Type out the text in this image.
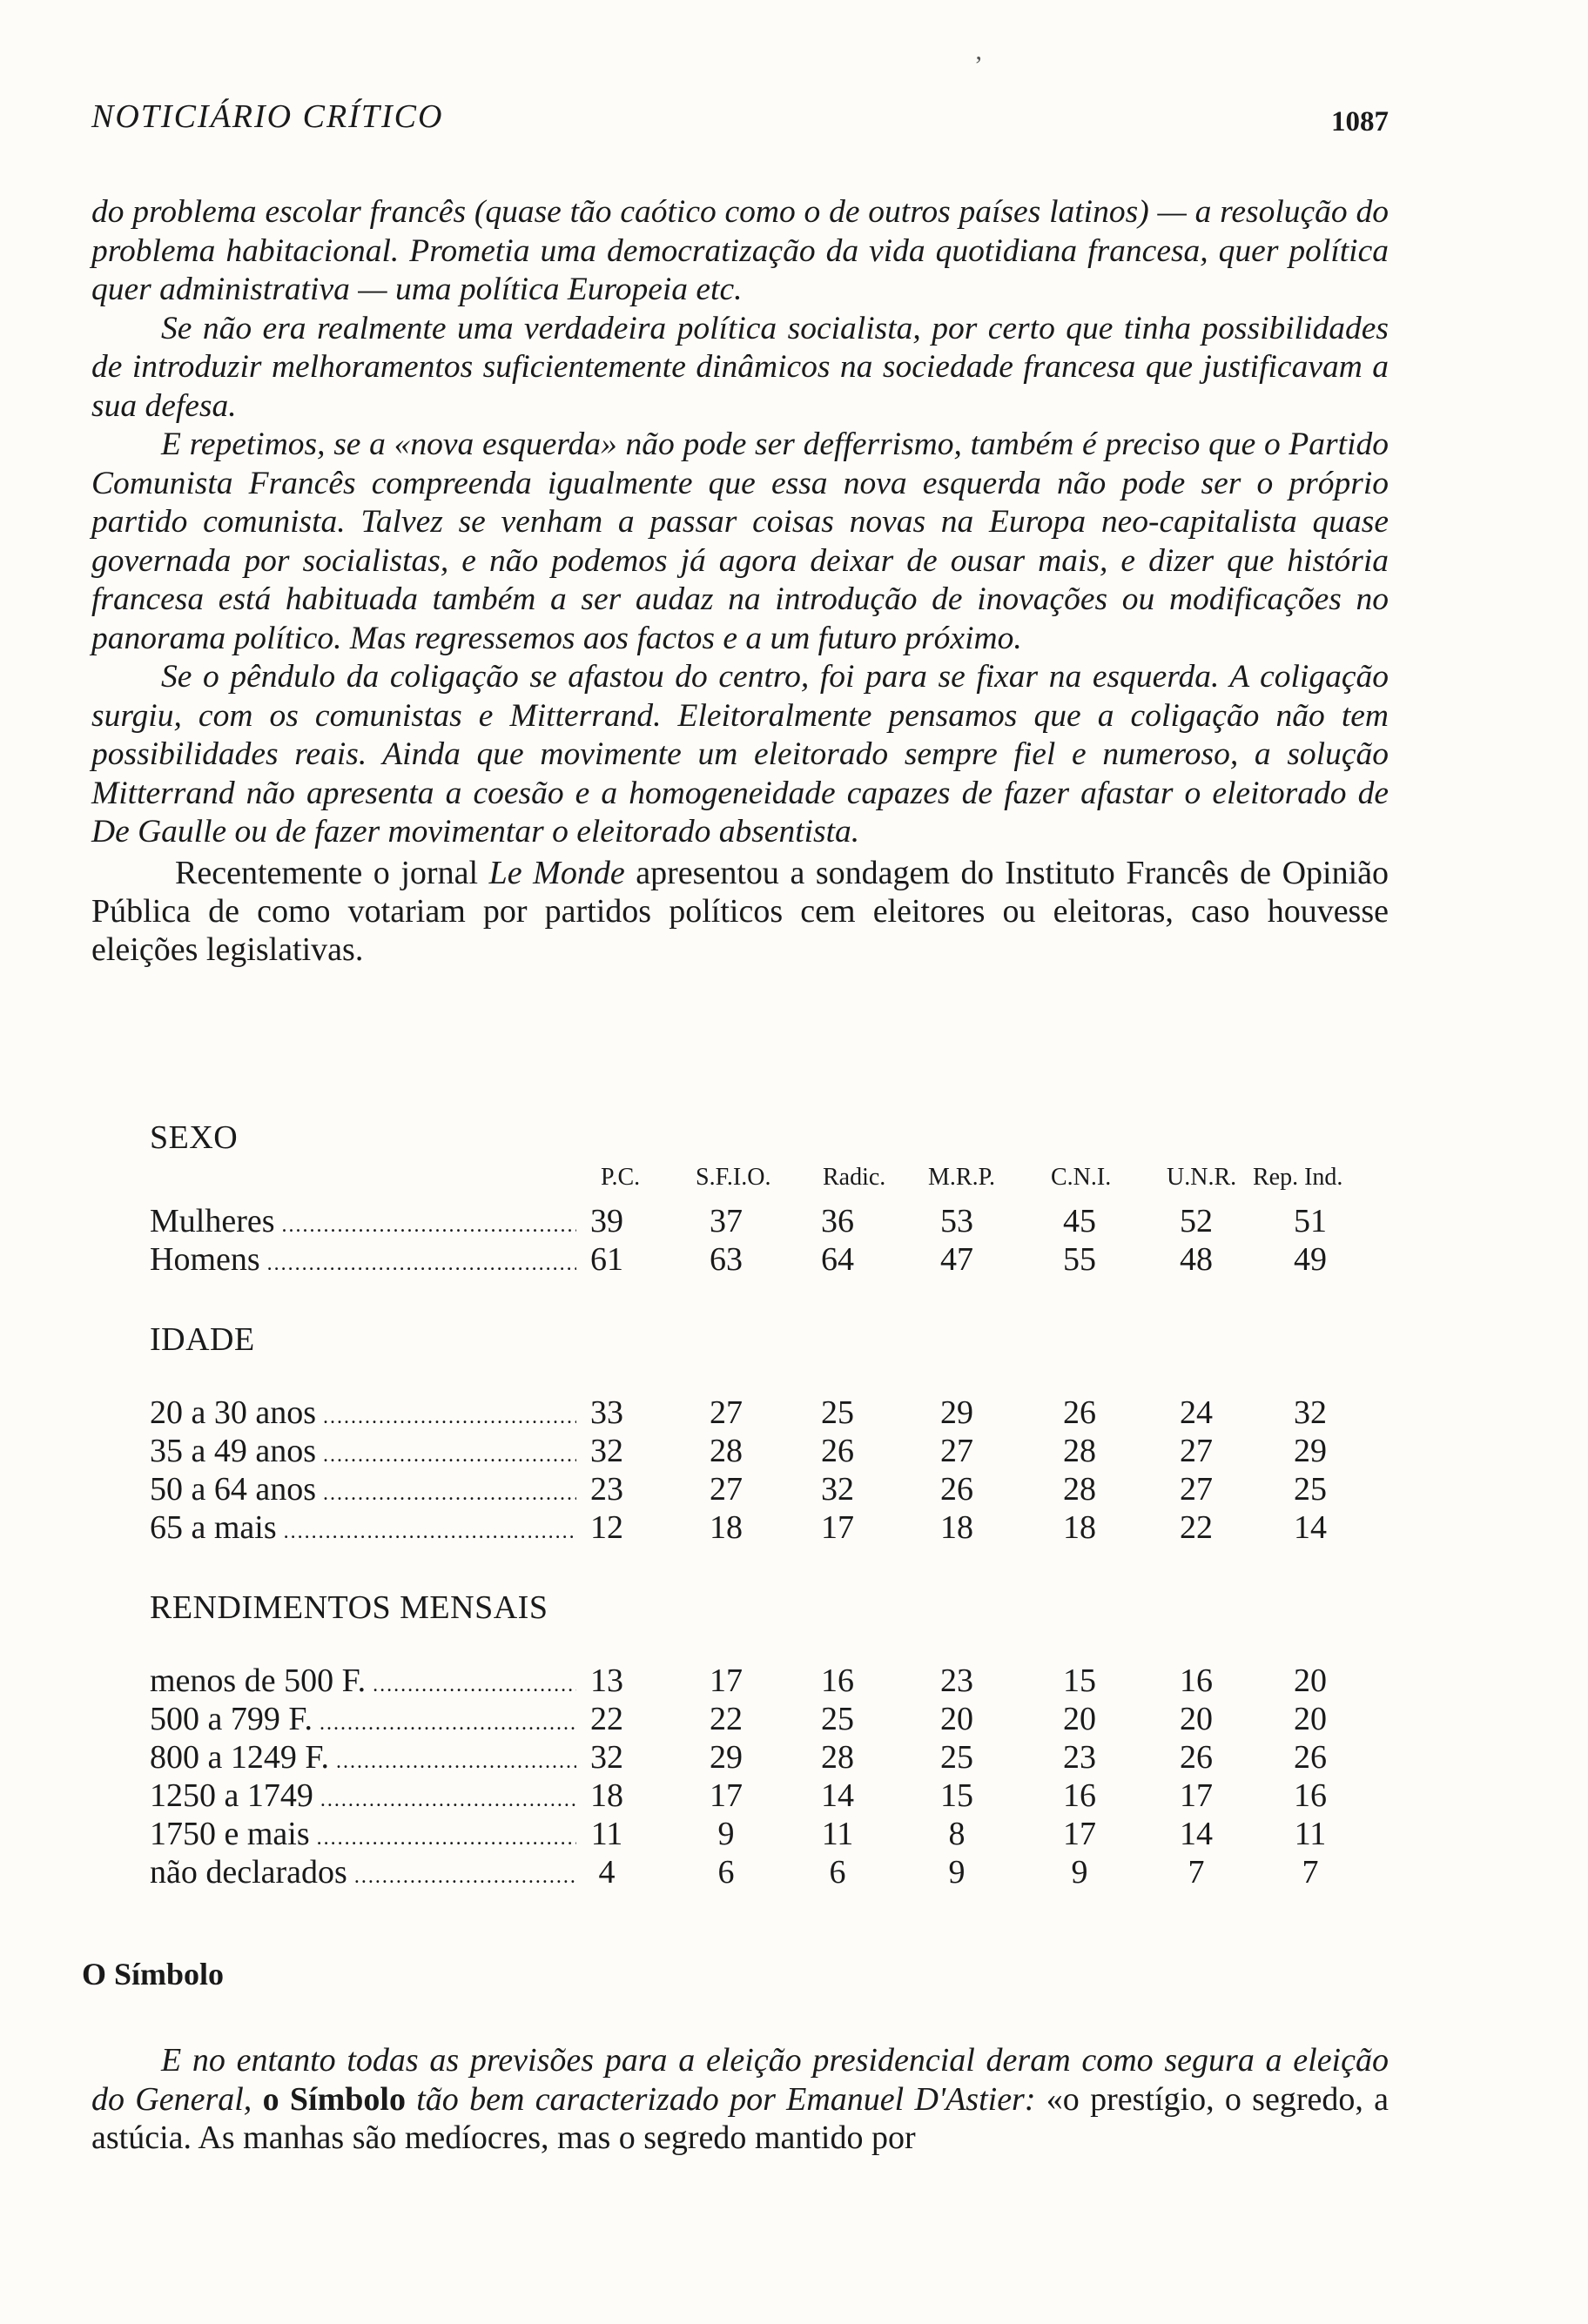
‚
NOTICIÁRIO CRÍTICO	1087

do problema escolar francês (quase tão caótico como o de outros países latinos) — a resolução do problema habitacional. Prometia uma democratização da vida quotidiana francesa, quer política quer administrativa — uma política Europeia etc.

Se não era realmente uma verdadeira política socialista, por certo que tinha possibilidades de introduzir melhoramentos suficientemente dinâmicos na sociedade francesa que justificavam a sua defesa.

E repetimos, se a «nova esquerda» não pode ser defferrismo, também é preciso que o Partido Comunista Francês compreenda igualmente que essa nova esquerda não pode ser o próprio partido comunista. Talvez se venham a passar coisas novas na Europa neo-capitalista quase governada por socialistas, e não podemos já agora deixar de ousar mais, e dizer que história francesa está habituada também a ser audaz na introdução de inovações ou modificações no panorama político. Mas regressemos aos factos e a um futuro próximo.

Se o pêndulo da coligação se afastou do centro, foi para se fixar na esquerda. A coligação surgiu, com os comunistas e Mitterrand. Eleitoralmente pensamos que a coligação não tem possibilidades reais. Ainda que movimente um eleitorado sempre fiel e numeroso, a solução Mitterrand não apresenta a coesão e a homogeneidade capazes de fazer afastar o eleitorado de De Gaulle ou de fazer movimentar o eleitorado absentista.

Recentemente o jornal Le Monde apresentou a sondagem do Instituto Francês de Opinião Pública de como votariam por partidos políticos cem eleitores ou eleitoras, caso houvesse eleições legislativas.

SEXO
P.C. S.F.I.O. Radic. M.R.P. C.N.I. U.N.R. Rep. Ind.
Mulheres .....	39	37 36	53	45	52 51
Homens .....	61	63 64	47	55	48 49
IDADE
20 a 30 anos .....	33	27 25	29	26	24 32
35 a 49 anos .....	32	28 26	27	28	27 29
50 a 64 anos .....	23	27 32	26	28	27 25
65 a mais .....	12	18 17	18	18	22 14
RENDIMENTOS MENSAIS
menos de 500 F. .....	13	17 16	23	15	16 20
500 a 799 F. .....	22	22 25	20	20	20 20
800 a 1249 F. .....	32	29 28	25	23	26 26
1250 a 1749 .....	18	17 14	15	16	17 16
1750 e mais .....	11	9	11	8	17	14	11
não declarados .....	4	6	6	9	9	7	7
O Símbolo

E no entanto todas as previsões para a eleição presidencial deram como segura a eleição do General, o Símbolo tão bem caracterizado por Emanuel D'Astier: «o prestígio, o segredo, a astúcia. As manhas são medíocres, mas o segredo mantido por
